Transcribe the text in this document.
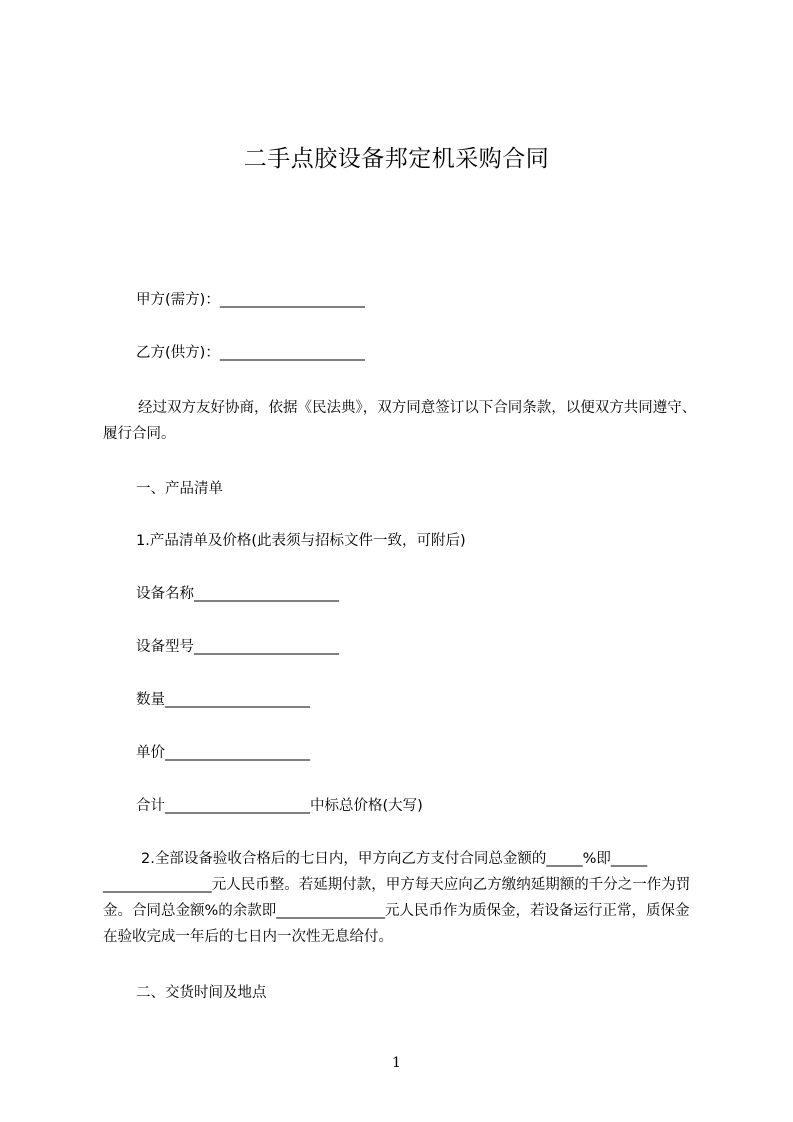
二手点胶设备邦定机采购合同

甲方(需方)：____________________

乙方(供方)：____________________

经过双方友好协商，依据《民法典》，双方同意签订以下合同条款，以便双方共同遵守、履行合同。

一、产品清单

1.产品清单及价格(此表须与招标文件一致，可附后)

设备名称____________________

设备型号____________________

数量____________________

单价____________________

合计____________________中标总价格(大写)

2.全部设备验收合格后的七日内，甲方向乙方支付合同总金额的_____%即_____ _______________元人民币整。若延期付款，甲方每天应向乙方缴纳延期额的千分之一作为罚金。合同总金额%的余款即_______________元人民币作为质保金，若设备运行正常，质保金在验收完成一年后的七日内一次性无息给付。

二、交货时间及地点

1
